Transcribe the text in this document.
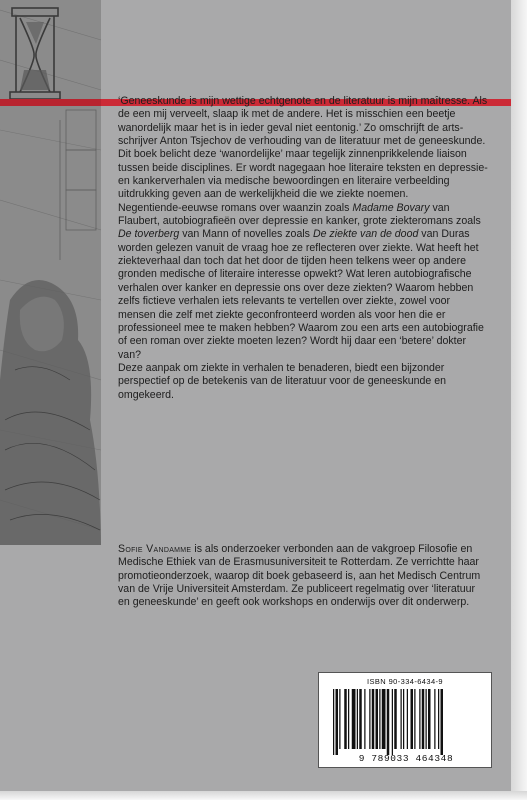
‘Geneeskunde is mijn wettige echtgenote en de literatuur is mijn maîtresse. Als de een mij verveelt, slaap ik met de andere. Het is misschien een beetje wanordelijk maar het is in ieder geval niet eentonig.’ Zo omschrijft de arts-schrijver Anton Tsjechov de verhouding van de literatuur met de geneeskunde. Dit boek belicht deze ‘wanordelijke’ maar tegelijk zinnenprikkelende liaison tussen beide disciplines. Er wordt nagegaan hoe literaire teksten en depressie- en kankerverhalen via medische bewoordingen en literaire verbeelding uitdrukking geven aan de werkelijkheid die we ziekte noemen.

Negentiende-eeuwse romans over waanzin zoals Madame Bovary van Flaubert, autobiografieën over depressie en kanker, grote ziekteromans zoals De toverberg van Mann of novelles zoals De ziekte van de dood van Duras worden gelezen vanuit de vraag hoe ze reflecteren over ziekte. Wat heeft het ziekteverhaal dan toch dat het door de tijden heen telkens weer op andere gronden medische of literaire interesse opwekt? Wat leren autobiografische verhalen over kanker en depressie ons over deze ziekten? Waarom hebben zelfs fictieve verhalen iets relevants te vertellen over ziekte, zowel voor mensen die zelf met ziekte geconfronteerd worden als voor hen die er professioneel mee te maken hebben? Waarom zou een arts een autobiografie of een roman over ziekte moeten lezen? Wordt hij daar een ‘betere’ dokter van?

Deze aanpak om ziekte in verhalen te benaderen, biedt een bijzonder perspectief op de betekenis van de literatuur voor de geneeskunde en omgekeerd.

Sofie Vandamme is als onderzoeker verbonden aan de vakgroep Filosofie en Medische Ethiek van de Erasmusuniversiteit te Rotterdam. Ze verrichtte haar promotieonderzoek, waarop dit boek gebaseerd is, aan het Medisch Centrum van de Vrije Universiteit Amsterdam. Ze publiceert regelmatig over ‘literatuur en geneeskunde’ en geeft ook workshops en onderwijs over dit onderwerp.

ISBN 90-334-6434-9
9 789033 464348
